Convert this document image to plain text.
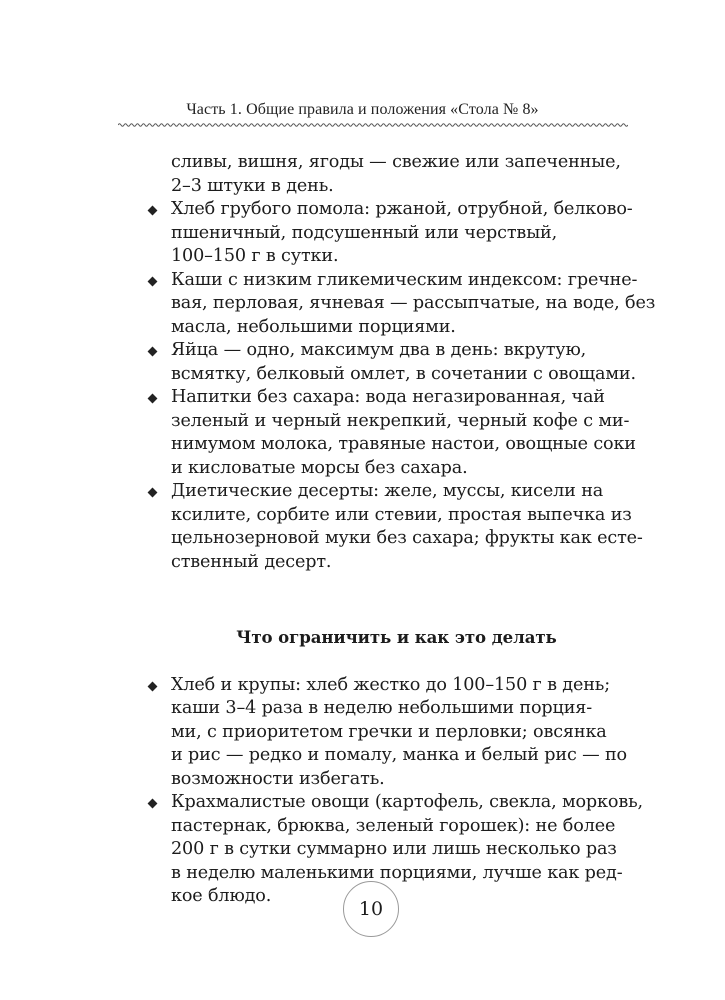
Часть 1. Общие правила и положения «Стола № 8»
сливы, вишня, ягоды — свежие или запеченные,
2–3 штуки в день.
Хлеб грубого помола: ржаной, отрубной, белково-
пшеничный, подсушенный или черствый,
100–150 г в сутки.
Каши с низким гликемическим индексом: гречне-
вая, перловая, ячневая — рассыпчатые, на воде, без
масла, небольшими порциями.
Яйца — одно, максимум два в день: вкрутую,
всмятку, белковый омлет, в сочетании с овощами.
Напитки без сахара: вода негазированная, чай
зеленый и черный некрепкий, черный кофе с ми-
нимумом молока, травяные настои, овощные соки
и кисловатые морсы без сахара.
Диетические десерты: желе, муссы, кисели на
ксилите, сорбите или стевии, простая выпечка из
цельнозерновой муки без сахара; фрукты как есте-
ственный десерт.
Что ограничить и как это делать
Хлеб и крупы: хлеб жестко до 100–150 г в день;
каши 3–4 раза в неделю небольшими порция-
ми, с приоритетом гречки и перловки; овсянка
и рис — редко и помалу, манка и белый рис — по
возможности избегать.
Крахмалистые овощи (картофель, свекла, морковь,
пастернак, брюква, зеленый горошек): не более
200 г в сутки суммарно или лишь несколько раз
в неделю маленькими порциями, лучше как ред-
кое блюдо.
10
